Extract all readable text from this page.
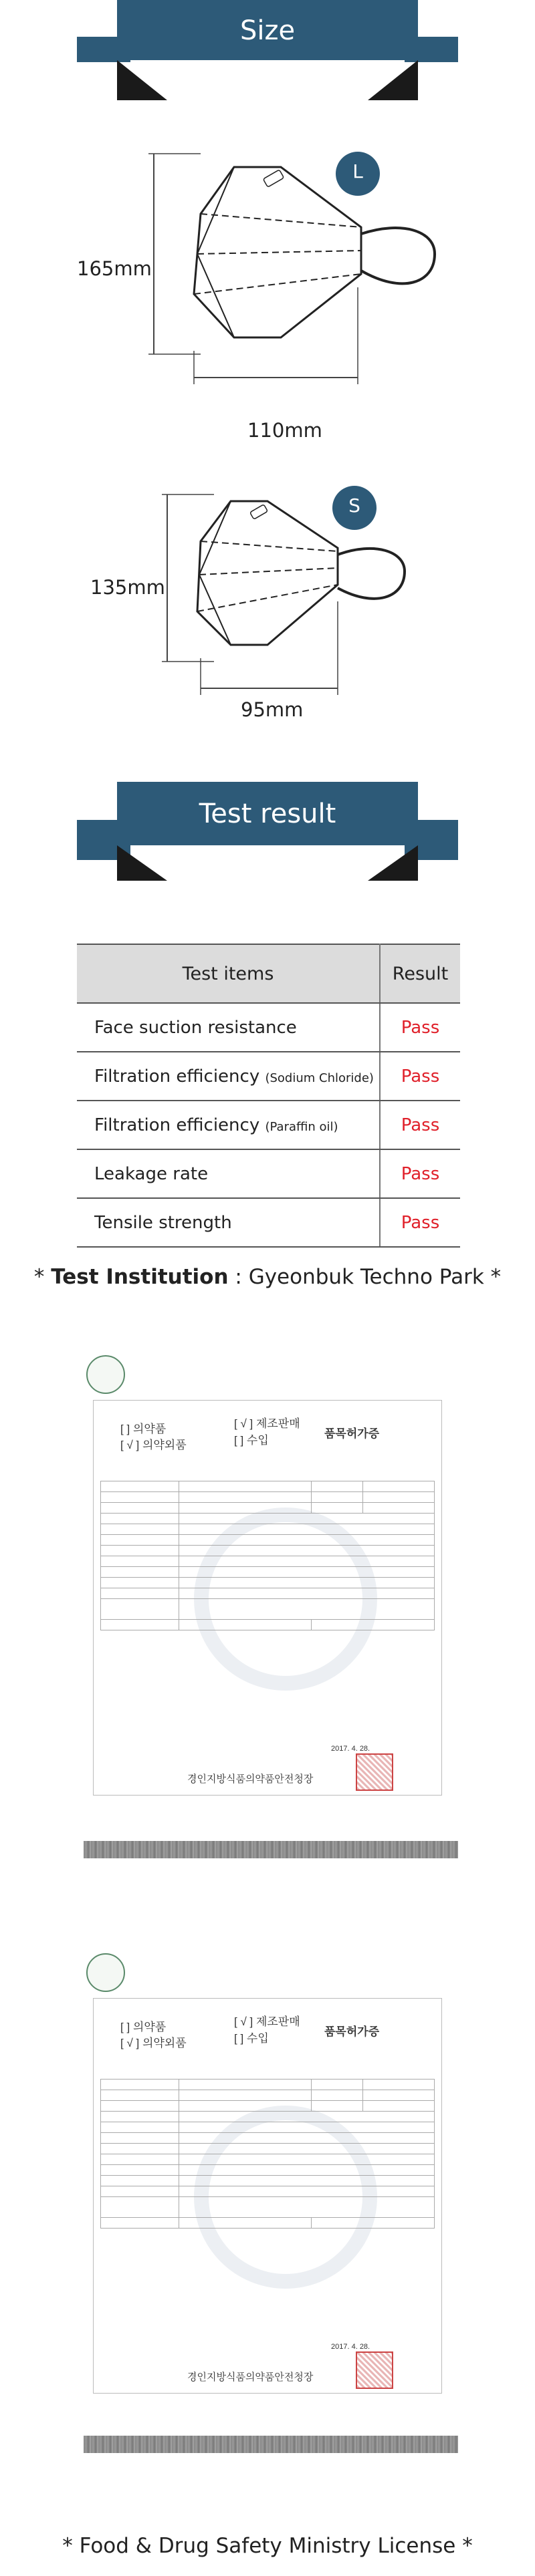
Size
L
165mm
110mm
S
135mm
95mm
Test result
Test items	Result
Face suction resistance	Pass
Filtration efficiency (Sodium Chloride)	Pass
Filtration efficiency (Paraffin oil)	Pass
Leakage rate	Pass
Tensile strength	Pass
* Test Institution : Gyeonbuk Techno Park *
[ ] 의약품	[ √ ] 제조판매
[ √ ] 의약외품	[ ] 수입
품목허가증

2017. 4. 28.
경인지방식품의약품안전청장
[ ] 의약품	[ √ ] 제조판매
[ √ ] 의약외품	[ ] 수입
품목허가증

2017. 4. 28.
경인지방식품의약품안전청장
* Food & Drug Safety Ministry License *
